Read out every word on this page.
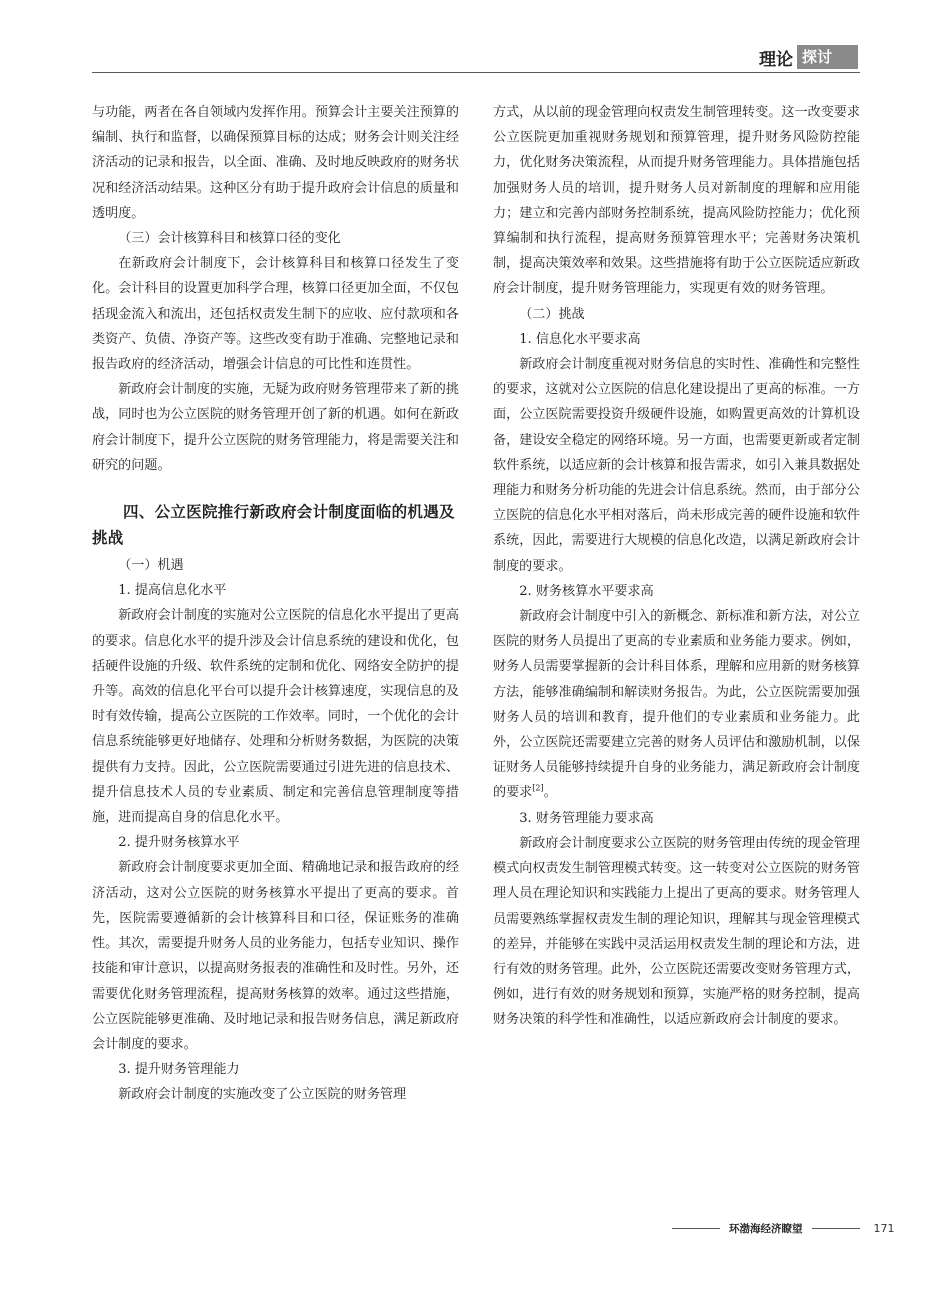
理论 探讨

与功能，两者在各自领域内发挥作用。预算会计主要关注预算的编制、执行和监督，以确保预算目标的达成；财务会计则关注经济活动的记录和报告，以全面、准确、及时地反映政府的财务状况和经济活动结果。这种区分有助于提升政府会计信息的质量和透明度。

（三）会计核算科目和核算口径的变化

在新政府会计制度下，会计核算科目和核算口径发生了变化。会计科目的设置更加科学合理，核算口径更加全面，不仅包括现金流入和流出，还包括权责发生制下的应收、应付款项和各类资产、负债、净资产等。这些改变有助于准确、完整地记录和报告政府的经济活动，增强会计信息的可比性和连贯性。

新政府会计制度的实施，无疑为政府财务管理带来了新的挑战，同时也为公立医院的财务管理开创了新的机遇。如何在新政府会计制度下，提升公立医院的财务管理能力，将是需要关注和研究的问题。

四、公立医院推行新政府会计制度面临的机遇及挑战

（一）机遇

1. 提高信息化水平

新政府会计制度的实施对公立医院的信息化水平提出了更高的要求。信息化水平的提升涉及会计信息系统的建设和优化，包括硬件设施的升级、软件系统的定制和优化、网络安全防护的提升等。高效的信息化平台可以提升会计核算速度，实现信息的及时有效传输，提高公立医院的工作效率。同时，一个优化的会计信息系统能够更好地储存、处理和分析财务数据，为医院的决策提供有力支持。因此，公立医院需要通过引进先进的信息技术、提升信息技术人员的专业素质、制定和完善信息管理制度等措施，进而提高自身的信息化水平。

2. 提升财务核算水平

新政府会计制度要求更加全面、精确地记录和报告政府的经济活动，这对公立医院的财务核算水平提出了更高的要求。首先，医院需要遵循新的会计核算科目和口径，保证账务的准确性。其次，需要提升财务人员的业务能力，包括专业知识、操作技能和审计意识，以提高财务报表的准确性和及时性。另外，还需要优化财务管理流程，提高财务核算的效率。通过这些措施，公立医院能够更准确、及时地记录和报告财务信息，满足新政府会计制度的要求。

3. 提升财务管理能力

新政府会计制度的实施改变了公立医院的财务管理

方式，从以前的现金管理向权责发生制管理转变。这一改变要求公立医院更加重视财务规划和预算管理，提升财务风险防控能力，优化财务决策流程，从而提升财务管理能力。具体措施包括加强财务人员的培训，提升财务人员对新制度的理解和应用能力；建立和完善内部财务控制系统，提高风险防控能力；优化预算编制和执行流程，提高财务预算管理水平；完善财务决策机制，提高决策效率和效果。这些措施将有助于公立医院适应新政府会计制度，提升财务管理能力，实现更有效的财务管理。

（二）挑战

1. 信息化水平要求高

新政府会计制度重视对财务信息的实时性、准确性和完整性的要求，这就对公立医院的信息化建设提出了更高的标准。一方面，公立医院需要投资升级硬件设施，如购置更高效的计算机设备，建设安全稳定的网络环境。另一方面，也需要更新或者定制软件系统，以适应新的会计核算和报告需求，如引入兼具数据处理能力和财务分析功能的先进会计信息系统。然而，由于部分公立医院的信息化水平相对落后，尚未形成完善的硬件设施和软件系统，因此，需要进行大规模的信息化改造，以满足新政府会计制度的要求。

2. 财务核算水平要求高

新政府会计制度中引入的新概念、新标准和新方法，对公立医院的财务人员提出了更高的专业素质和业务能力要求。例如，财务人员需要掌握新的会计科目体系，理解和应用新的财务核算方法，能够准确编制和解读财务报告。为此，公立医院需要加强财务人员的培训和教育，提升他们的专业素质和业务能力。此外，公立医院还需要建立完善的财务人员评估和激励机制，以保证财务人员能够持续提升自身的业务能力，满足新政府会计制度的要求[2]。

3. 财务管理能力要求高

新政府会计制度要求公立医院的财务管理由传统的现金管理模式向权责发生制管理模式转变。这一转变对公立医院的财务管理人员在理论知识和实践能力上提出了更高的要求。财务管理人员需要熟练掌握权责发生制的理论知识，理解其与现金管理模式的差异，并能够在实践中灵活运用权责发生制的理论和方法，进行有效的财务管理。此外，公立医院还需要改变财务管理方式，例如，进行有效的财务规划和预算，实施严格的财务控制，提高财务决策的科学性和准确性，以适应新政府会计制度的要求。

环渤海经济瞭望	171
